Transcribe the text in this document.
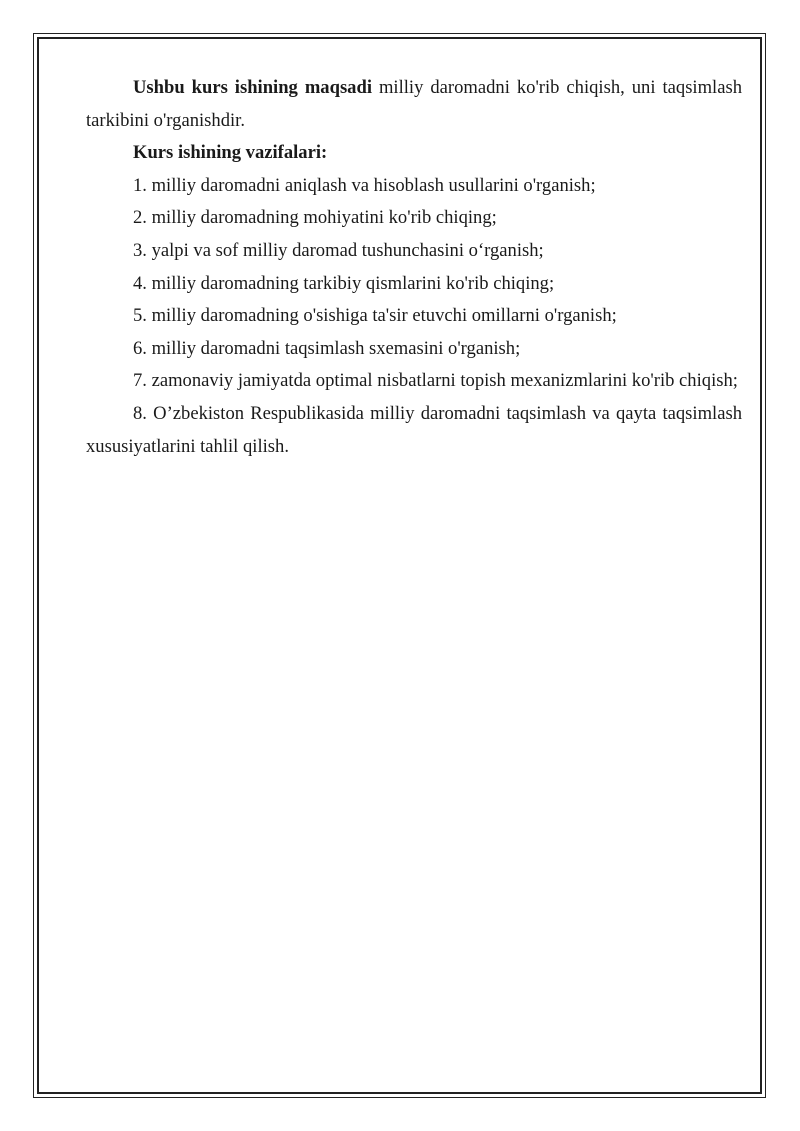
Ushbu kurs ishining maqsadi milliy daromadni ko'rib chiqish, uni taqsimlash tarkibini o'rganishdir.

Kurs ishining vazifalari:

1. milliy daromadni aniqlash va hisoblash usullarini o'rganish;

2. milliy daromadning mohiyatini ko'rib chiqing;

3. yalpi va sof milliy daromad tushunchasini o‘rganish;

4. milliy daromadning tarkibiy qismlarini ko'rib chiqing;

5. milliy daromadning o'sishiga ta'sir etuvchi omillarni o'rganish;

6. milliy daromadni taqsimlash sxemasini o'rganish;

7. zamonaviy jamiyatda optimal nisbatlarni topish mexanizmlarini ko'rib chiqish;

8. O’zbekiston Respublikasida milliy daromadni taqsimlash va qayta taqsimlash xususiyatlarini tahlil qilish.
